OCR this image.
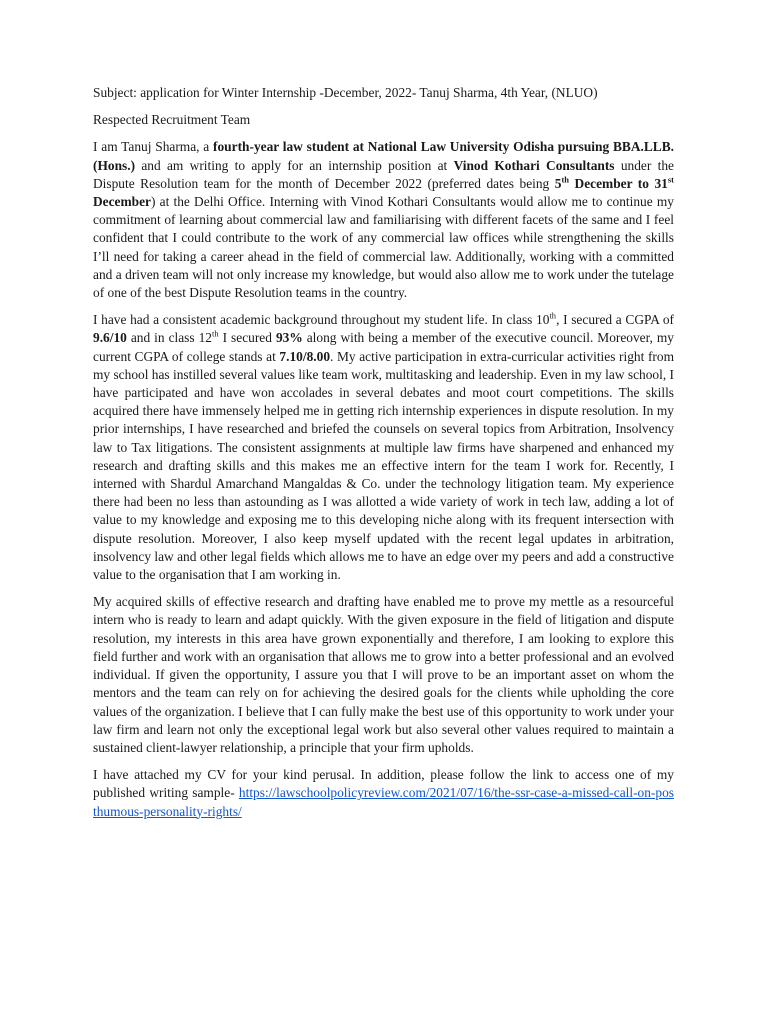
Subject: application for Winter Internship -December, 2022- Tanuj Sharma, 4th Year, (NLUO)

Respected Recruitment Team

I am Tanuj Sharma, a fourth-year law student at National Law University Odisha pursuing BBA.LLB. (Hons.) and am writing to apply for an internship position at Vinod Kothari Consultants under the Dispute Resolution team for the month of December 2022 (preferred dates being 5th December to 31st December) at the Delhi Office. Interning with Vinod Kothari Consultants would allow me to continue my commitment of learning about commercial law and familiarising with different facets of the same and I feel confident that I could contribute to the work of any commercial law offices while strengthening the skills I’ll need for taking a career ahead in the field of commercial law. Additionally, working with a committed and a driven team will not only increase my knowledge, but would also allow me to work under the tutelage of one of the best Dispute Resolution teams in the country.

I have had a consistent academic background throughout my student life. In class 10th, I secured a CGPA of 9.6/10 and in class 12th I secured 93% along with being a member of the executive council. Moreover, my current CGPA of college stands at 7.10/8.00. My active participation in extra-curricular activities right from my school has instilled several values like team work, multitasking and leadership. Even in my law school, I have participated and have won accolades in several debates and moot court competitions. The skills acquired there have immensely helped me in getting rich internship experiences in dispute resolution. In my prior internships, I have researched and briefed the counsels on several topics from Arbitration, Insolvency law to Tax litigations. The consistent assignments at multiple law firms have sharpened and enhanced my research and drafting skills and this makes me an effective intern for the team I work for. Recently, I interned with Shardul Amarchand Mangaldas & Co. under the technology litigation team. My experience there had been no less than astounding as I was allotted a wide variety of work in tech law, adding a lot of value to my knowledge and exposing me to this developing niche along with its frequent intersection with dispute resolution. Moreover, I also keep myself updated with the recent legal updates in arbitration, insolvency law and other legal fields which allows me to have an edge over my peers and add a constructive value to the organisation that I am working in.

My acquired skills of effective research and drafting have enabled me to prove my mettle as a resourceful intern who is ready to learn and adapt quickly. With the given exposure in the field of litigation and dispute resolution, my interests in this area have grown exponentially and therefore, I am looking to explore this field further and work with an organisation that allows me to grow into a better professional and an evolved individual. If given the opportunity, I assure you that I will prove to be an important asset on whom the mentors and the team can rely on for achieving the desired goals for the clients while upholding the core values of the organization. I believe that I can fully make the best use of this opportunity to work under your law firm and learn not only the exceptional legal work but also several other values required to maintain a sustained client-lawyer relationship, a principle that your firm upholds.

I have attached my CV for your kind perusal. In addition, please follow the link to access one of my published writing sample- https://lawschoolpolicyreview.com/2021/07/16/the-ssr-case-a-missed-call-on-posthumous-personality-rights/
